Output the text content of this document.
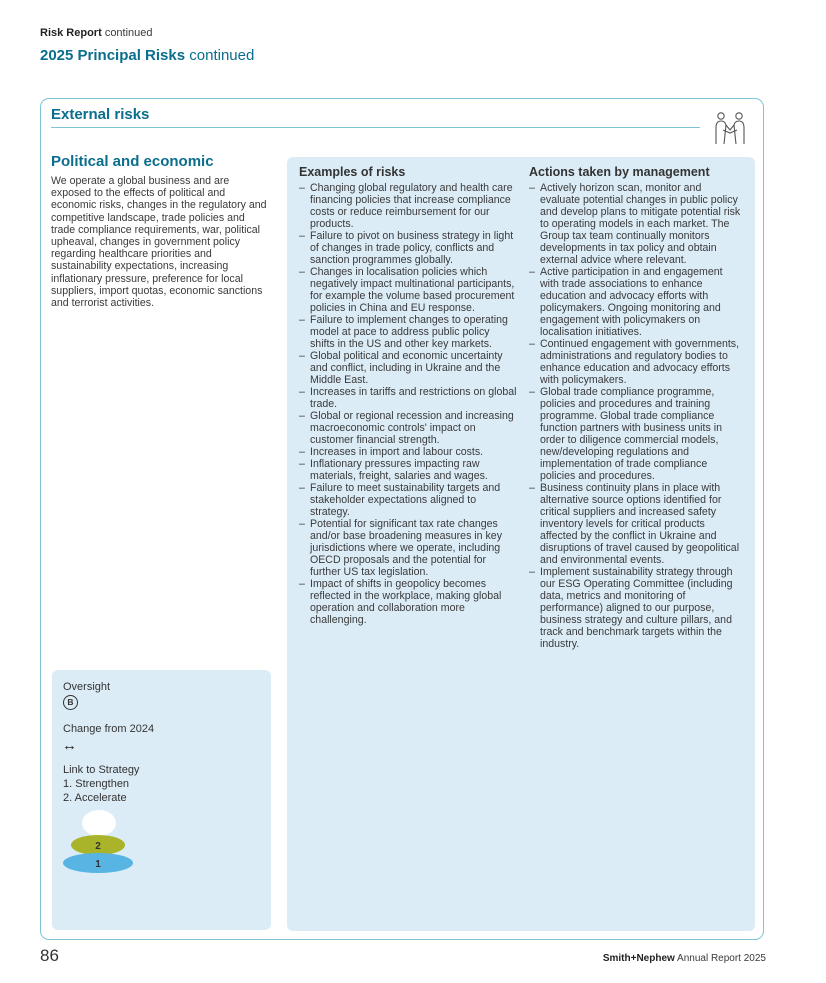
Risk Report continued
2025 Principal Risks continued
External risks
Political and economic
We operate a global business and are exposed to the effects of political and economic risks, changes in the regulatory and competitive landscape, trade policies and trade compliance requirements, war, political upheaval, changes in government policy regarding healthcare priorities and sustainability expectations, increasing inflationary pressure, preference for local suppliers, import quotas, economic sanctions and terrorist activities.
Examples of risks
– Changing global regulatory and health care financing policies that increase compliance costs or reduce reimbursement for our products.
– Failure to pivot on business strategy in light of changes in trade policy, conflicts and sanction programmes globally.
– Changes in localisation policies which negatively impact multinational participants, for example the volume based procurement policies in China and EU response.
– Failure to implement changes to operating model at pace to address public policy shifts in the US and other key markets.
– Global political and economic uncertainty and conflict, including in Ukraine and the Middle East.
– Increases in tariffs and restrictions on global trade.
– Global or regional recession and increasing macroeconomic controls' impact on customer financial strength.
– Increases in import and labour costs.
– Inflationary pressures impacting raw materials, freight, salaries and wages.
– Failure to meet sustainability targets and stakeholder expectations aligned to strategy.
– Potential for significant tax rate changes and/or base broadening measures in key jurisdictions where we operate, including OECD proposals and the potential for further US tax legislation.
– Impact of shifts in geopolicy becomes reflected in the workplace, making global operation and collaboration more challenging.
Actions taken by management
– Actively horizon scan, monitor and evaluate potential changes in public policy and develop plans to mitigate potential risk to operating models in each market. The Group tax team continually monitors developments in tax policy and obtain external advice where relevant.
– Active participation in and engagement with trade associations to enhance education and advocacy efforts with policymakers. Ongoing monitoring and engagement with policymakers on localisation initiatives.
– Continued engagement with governments, administrations and regulatory bodies to enhance education and advocacy efforts with policymakers.
– Global trade compliance programme, policies and procedures and training programme. Global trade compliance function partners with business units in order to diligence commercial models, new/developing regulations and implementation of trade compliance policies and procedures.
– Business continuity plans in place with alternative source options identified for critical suppliers and increased safety inventory levels for critical products affected by the conflict in Ukraine and disruptions of travel caused by geopolitical and environmental events.
– Implement sustainability strategy through our ESG Operating Committee (including data, metrics and monitoring of performance) aligned to our purpose, business strategy and culture pillars, and track and benchmark targets within the industry.
Oversight
B
Change from 2024
↔
Link to Strategy
1. Strengthen
2. Accelerate
2
1
86	Smith+Nephew Annual Report 2025
